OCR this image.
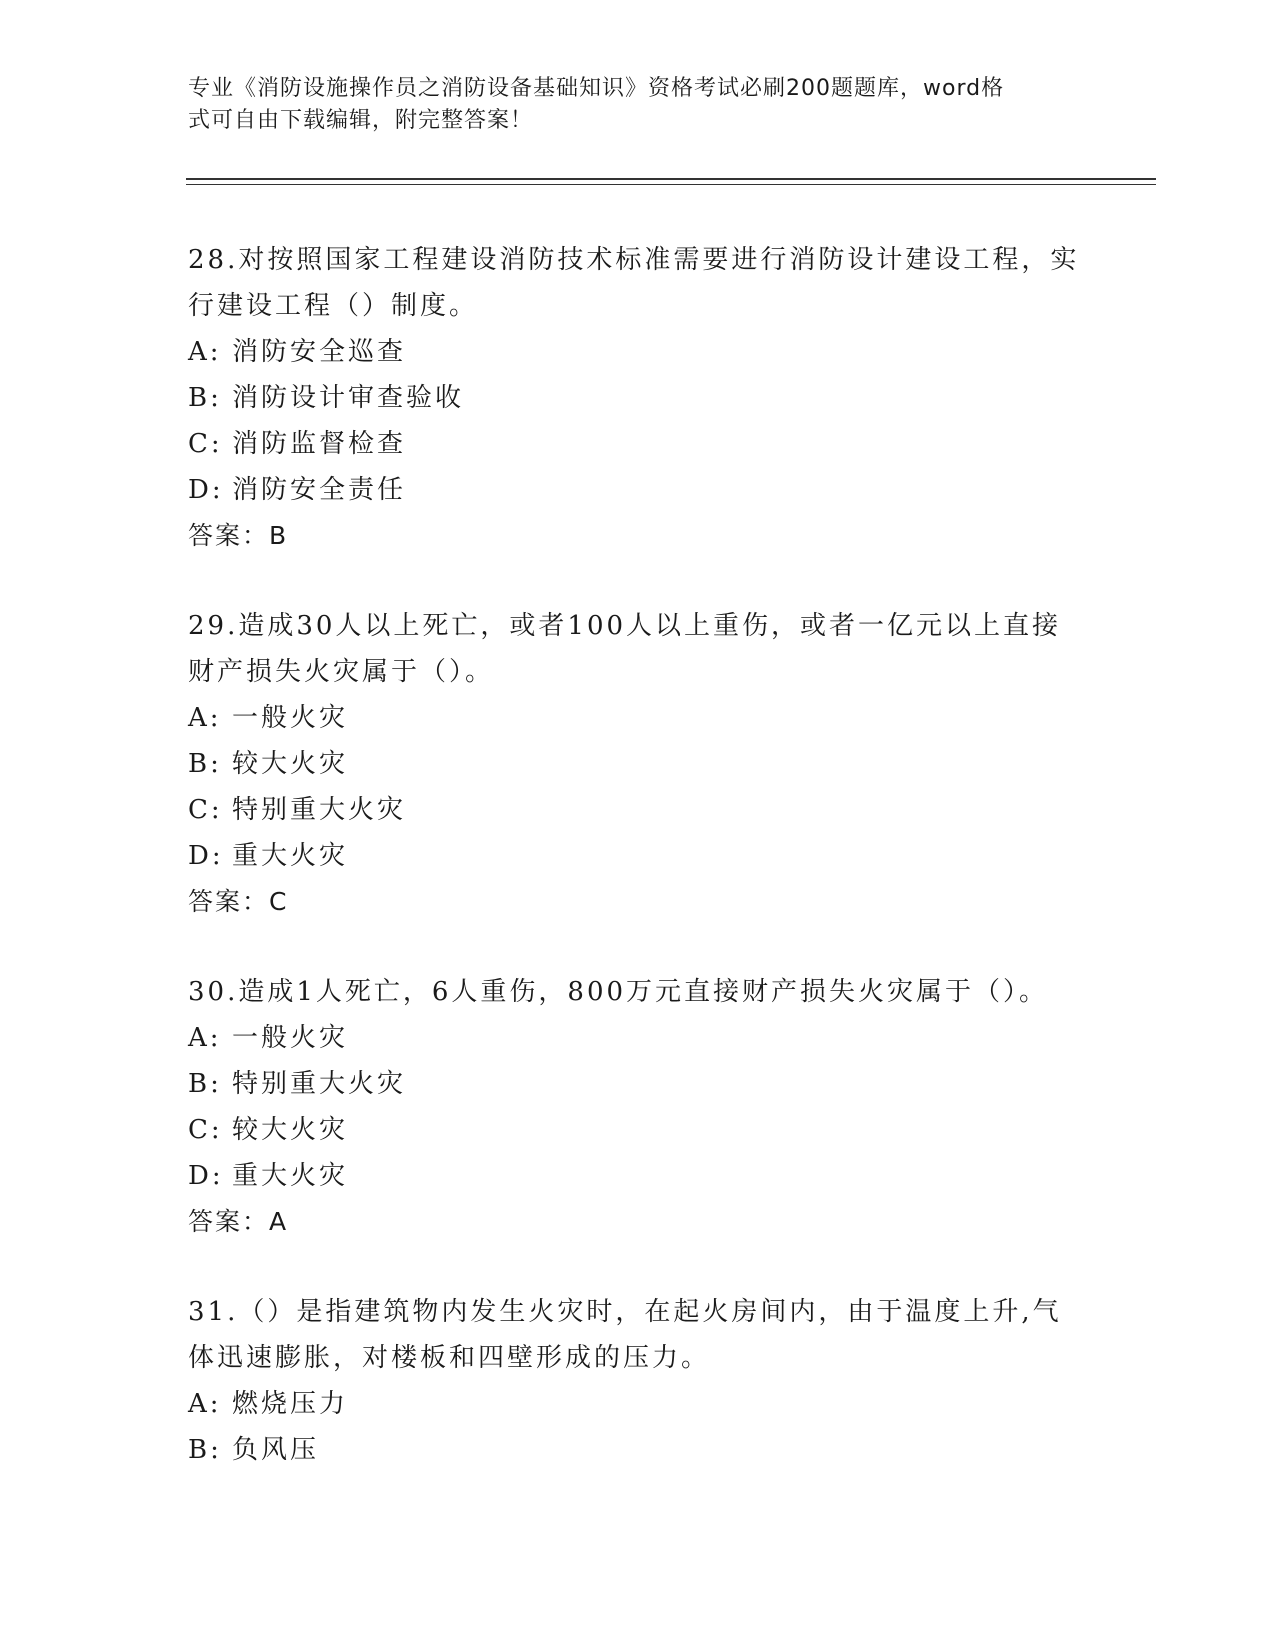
专业《消防设施操作员之消防设备基础知识》资格考试必刷200题题库，word格
式可自由下载编辑，附完整答案！
28.对按照国家工程建设消防技术标准需要进行消防设计建设工程，实
行建设工程（）制度。
A: 消防安全巡查
B: 消防设计审查验收
C: 消防监督检查
D: 消防安全责任
答案：B
29.造成30人以上死亡，或者100人以上重伤，或者一亿元以上直接
财产损失火灾属于（）。
A: 一般火灾
B: 较大火灾
C: 特别重大火灾
D: 重大火灾
答案：C
30.造成1人死亡，6人重伤，800万元直接财产损失火灾属于（）。
A: 一般火灾
B: 特别重大火灾
C: 较大火灾
D: 重大火灾
答案：A
31.（）是指建筑物内发生火灾时，在起火房间内，由于温度上升,气
体迅速膨胀，对楼板和四壁形成的压力。
A: 燃烧压力
B: 负风压
